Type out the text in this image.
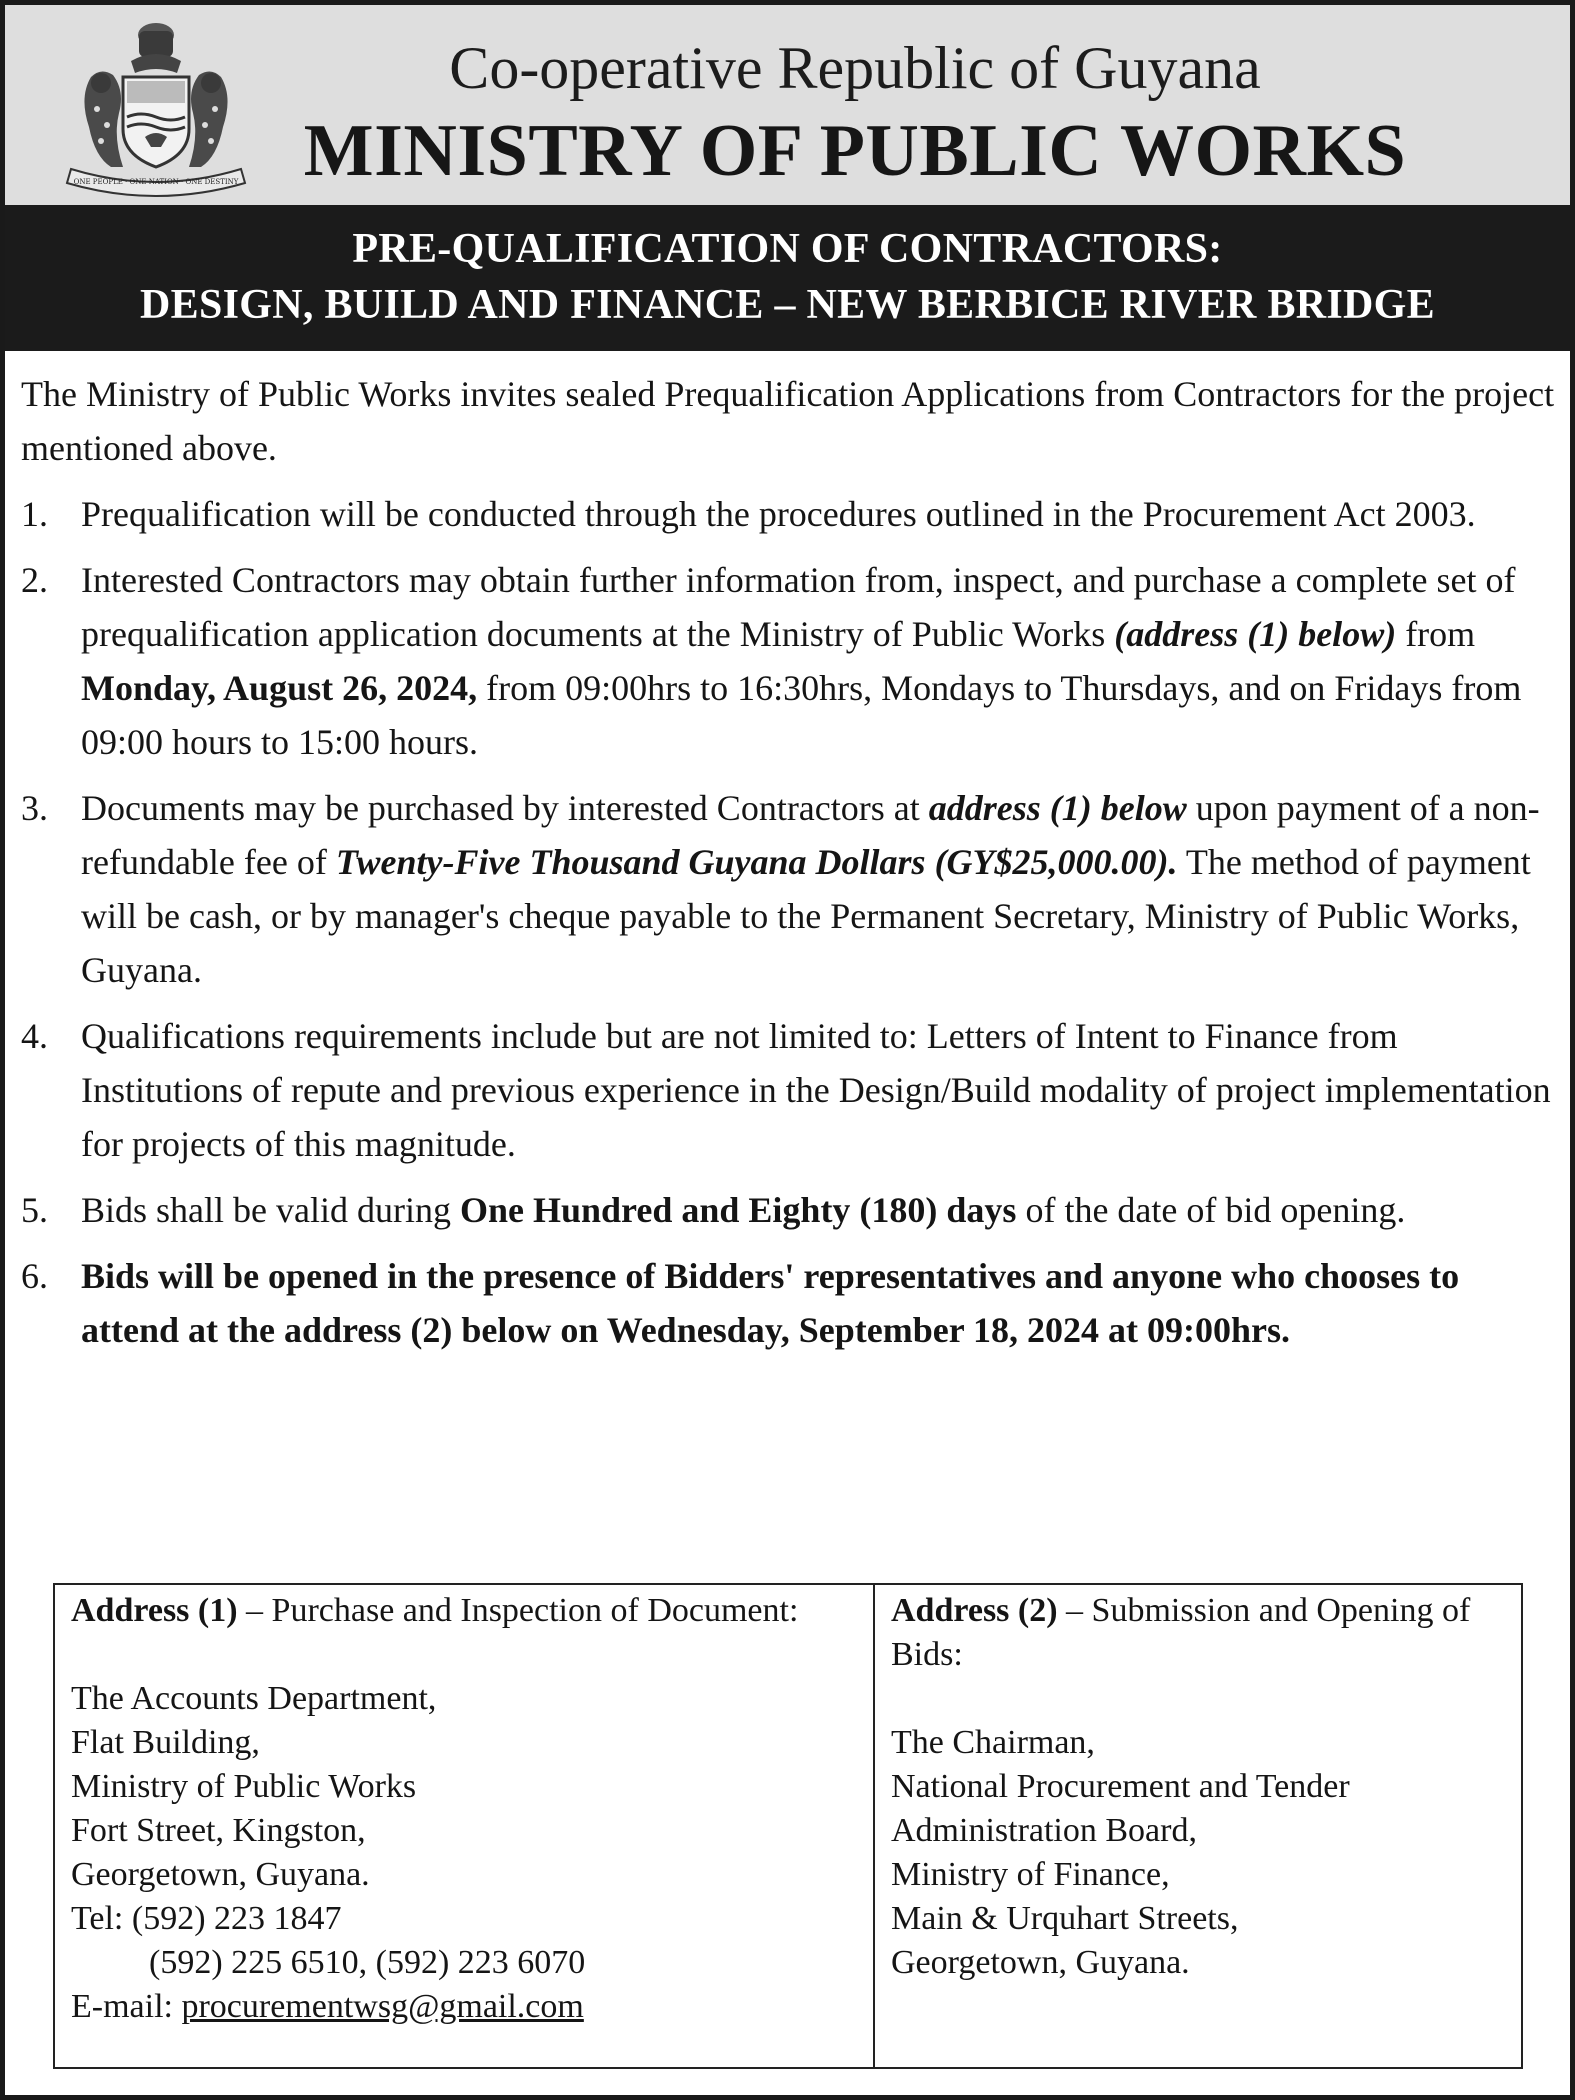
ONE PEOPLE · ONE NATION · ONE DESTINY
Co-operative Republic of Guyana
MINISTRY OF PUBLIC WORKS
PRE-QUALIFICATION OF CONTRACTORS:
DESIGN, BUILD AND FINANCE – NEW BERBICE RIVER BRIDGE

The Ministry of Public Works invites sealed Prequalification Applications from Contractors for the project mentioned above.

1. Prequalification will be conducted through the procedures outlined in the Procurement Act 2003.
2. Interested Contractors may obtain further information from, inspect, and purchase a complete set of prequalification application documents at the Ministry of Public Works (address (1) below) from Monday, August 26, 2024, from 09:00hrs to 16:30hrs, Mondays to Thursdays, and on Fridays from 09:00 hours to 15:00 hours.
3. Documents may be purchased by interested Contractors at address (1) below upon payment of a non-refundable fee of Twenty-Five Thousand Guyana Dollars (GY$25,000.00). The method of payment will be cash, or by manager's cheque payable to the Permanent Secretary, Ministry of Public Works, Guyana.
4. Qualifications requirements include but are not limited to: Letters of Intent to Finance from Institutions of repute and previous experience in the Design/Build modality of project implementation for projects of this magnitude.
5. Bids shall be valid during One Hundred and Eighty (180) days of the date of bid opening.
6. Bids will be opened in the presence of Bidders' representatives and anyone who chooses to attend at the address (2) below on Wednesday, September 18, 2024 at 09:00hrs.
Address (1) – Purchase and Inspection of Document:
The Accounts Department,
Flat Building,
Ministry of Public Works
Fort Street, Kingston,
Georgetown, Guyana.
Tel: (592) 223 1847
(592) 225 6510, (592) 223 6070
E-mail: procurementwsg@gmail.com
Address (2) – Submission and Opening of Bids:
The Chairman,
National Procurement and Tender
Administration Board,
Ministry of Finance,
Main & Urquhart Streets,
Georgetown, Guyana.
